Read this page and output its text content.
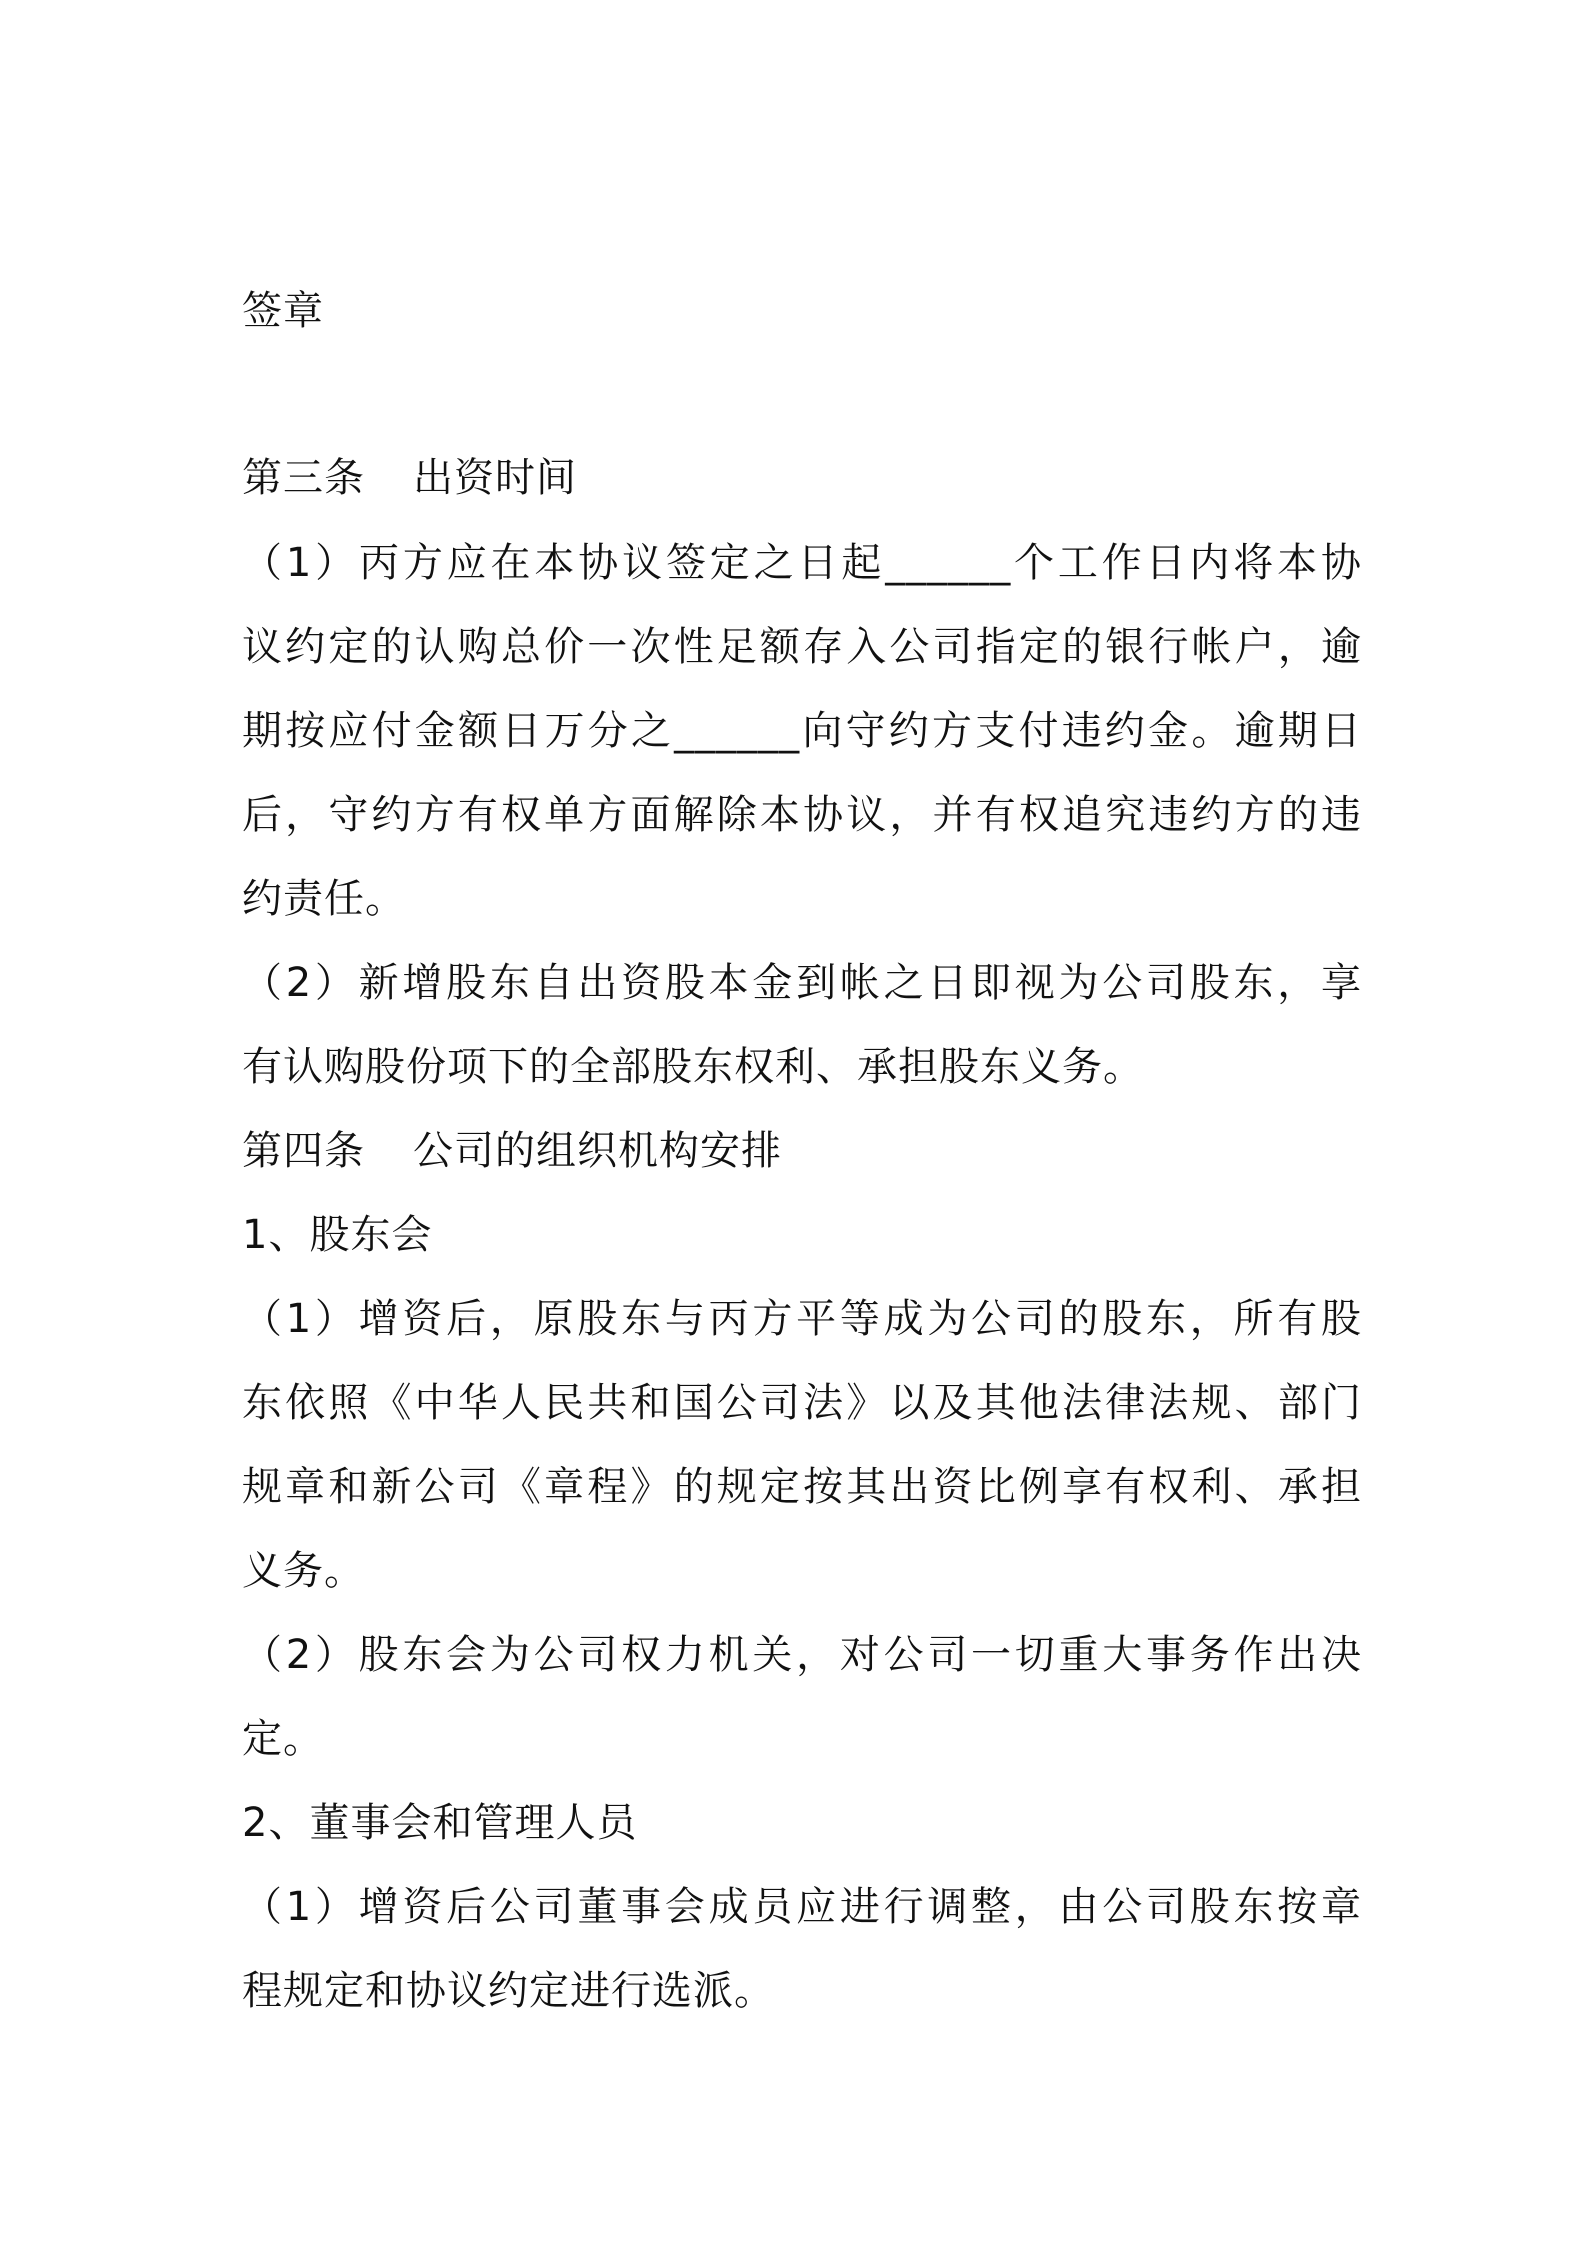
签章
第三条 出资时间
（1）丙方应在本协议签定之日起______个工作日内将本协
议约定的认购总价一次性足额存入公司指定的银行帐户，逾
期按应付金额日万分之______向守约方支付违约金。逾期日
后，守约方有权单方面解除本协议，并有权追究违约方的违
约责任。
（2）新增股东自出资股本金到帐之日即视为公司股东，享
有认购股份项下的全部股东权利、承担股东义务。
第四条 公司的组织机构安排
1、股东会
（1）增资后，原股东与丙方平等成为公司的股东，所有股
东依照《中华人民共和国公司法》以及其他法律法规、部门
规章和新公司《章程》的规定按其出资比例享有权利、承担
义务。
（2）股东会为公司权力机关，对公司一切重大事务作出决
定。
2、董事会和管理人员
（1）增资后公司董事会成员应进行调整，由公司股东按章
程规定和协议约定进行选派。
